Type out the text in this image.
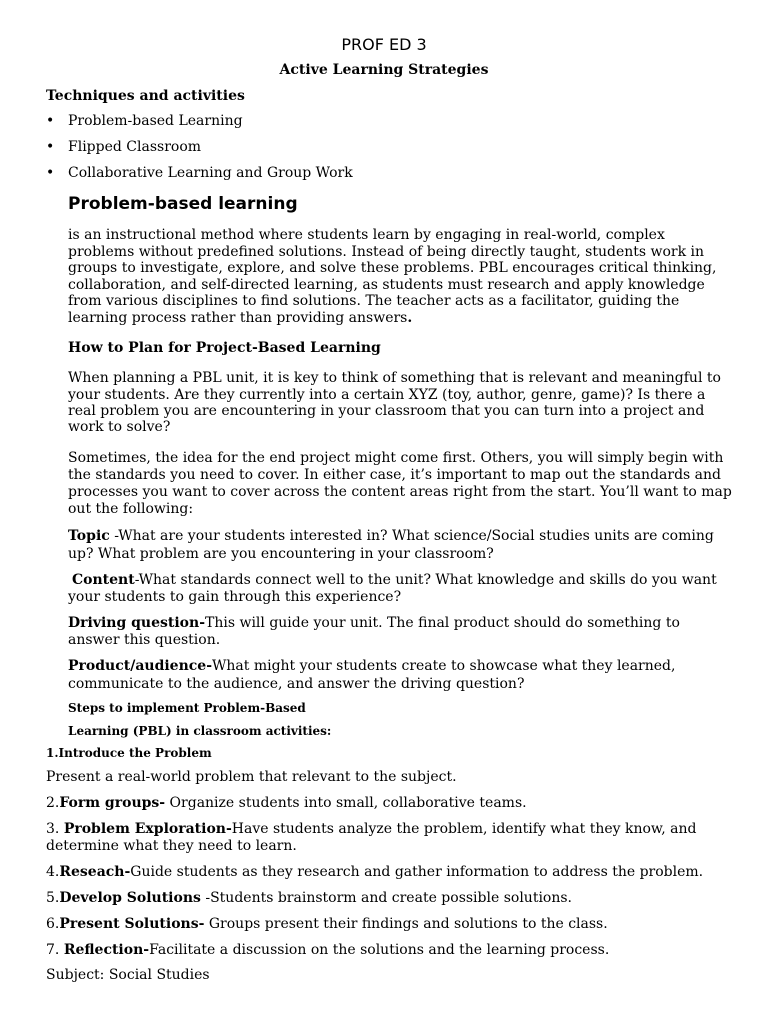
PROF ED 3
Active Learning Strategies
Techniques and activities
• Problem-based Learning
• Flipped Classroom
• Collaborative Learning and Group Work
Problem-based learning
is an instructional method where students learn by engaging in real-world, complex
problems without predefined solutions. Instead of being directly taught, students work in
groups to investigate, explore, and solve these problems. PBL encourages critical thinking,
collaboration, and self-directed learning, as students must research and apply knowledge
from various disciplines to find solutions. The teacher acts as a facilitator, guiding the
learning process rather than providing answers.
How to Plan for Project-Based Learning
When planning a PBL unit, it is key to think of something that is relevant and meaningful to
your students. Are they currently into a certain XYZ (toy, author, genre, game)? Is there a
real problem you are encountering in your classroom that you can turn into a project and
work to solve?
Sometimes, the idea for the end project might come first. Others, you will simply begin with
the standards you need to cover. In either case, it’s important to map out the standards and
processes you want to cover across the content areas right from the start. You’ll want to map
out the following:
Topic -What are your students interested in? What science/Social studies units are coming
up? What problem are you encountering in your classroom?
Content-What standards connect well to the unit? What knowledge and skills do you want
your students to gain through this experience?
Driving question-This will guide your unit. The final product should do something to
answer this question.
Product/audience-What might your students create to showcase what they learned,
communicate to the audience, and answer the driving question?
Steps to implement Problem-Based
Learning (PBL) in classroom activities:
1.Introduce the Problem
Present a real-world problem that relevant to the subject.
2.Form groups- Organize students into small, collaborative teams.
3. Problem Exploration-Have students analyze the problem, identify what they know, and
determine what they need to learn.
4.Reseach-Guide students as they research and gather information to address the problem.
5.Develop Solutions -Students brainstorm and create possible solutions.
6.Present Solutions- Groups present their findings and solutions to the class.
7. Reflection-Facilitate a discussion on the solutions and the learning process.
Subject: Social Studies
